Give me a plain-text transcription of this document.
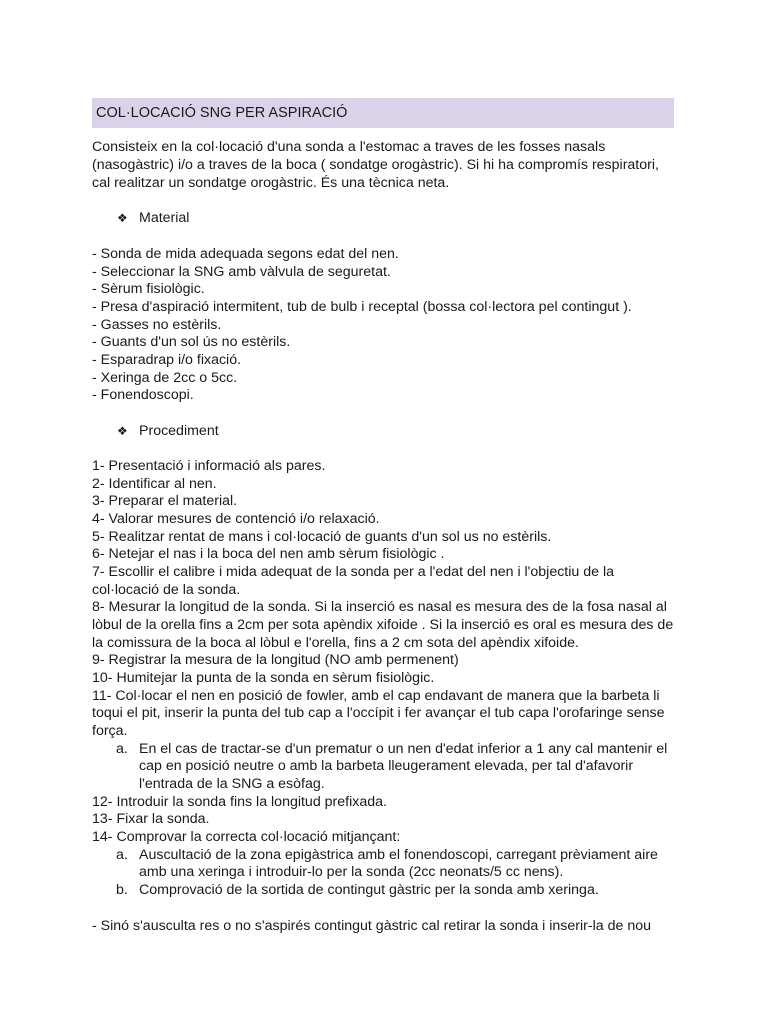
COL·LOCACIÓ SNG PER ASPIRACIÓ
Consisteix en la col·locació d'una sonda a l'estomac a traves de les fosses nasals
(nasogàstric) i/o a traves de la boca ( sondatge orogàstric). Si hi ha compromís respiratori,
cal realitzar un sondatge orogàstric. És una tècnica neta.
❖ Material
- Sonda de mida adequada segons edat del nen.
- Seleccionar la SNG amb vàlvula de seguretat.
- Sèrum fisiològic.
- Presa d'aspiració intermitent, tub de bulb i receptal (bossa col·lectora pel contingut ).
- Gasses no estèrils.
- Guants d'un sol ús no estèrils.
- Esparadrap i/o fixació.
- Xeringa de 2cc o 5cc.
- Fonendoscopi.
❖ Procediment
1- Presentació i informació als pares.
2- Identificar al nen.
3- Preparar el material.
4- Valorar mesures de contenció i/o relaxació.
5- Realitzar rentat de mans i col·locació de guants d'un sol us no estèrils.
6- Netejar el nas i la boca del nen amb sèrum fisiològic .
7- Escollir el calibre i mida adequat de la sonda per a l'edat del nen i l'objectiu de la
col·locació de la sonda.
8- Mesurar la longitud de la sonda. Si la inserció es nasal es mesura des de la fosa nasal al
lòbul de la orella fins a 2cm per sota apèndix xifoide . Si la inserció es oral es mesura des de
la comissura de la boca al lòbul e l'orella, fins a 2 cm sota del apèndix xifoide.
9- Registrar la mesura de la longitud (NO amb permenent)
10- Humitejar la punta de la sonda en sèrum fisiològic.
11- Col·locar el nen en posició de fowler, amb el cap endavant de manera que la barbeta li
toqui el pit, inserir la punta del tub cap a l'occípit i fer avançar el tub capa l'orofaringe sense
força.
a. En el cas de tractar-se d'un prematur o un nen d'edat inferior a 1 any cal mantenir el
cap en posició neutre o amb la barbeta lleugerament elevada, per tal d'afavorir
l'entrada de la SNG a esòfag.
12- Introduir la sonda fins la longitud prefixada.
13- Fixar la sonda.
14- Comprovar la correcta col·locació mitjançant:
a. Auscultació de la zona epigàstrica amb el fonendoscopi, carregant prèviament aire
amb una xeringa i introduir-lo per la sonda (2cc neonats/5 cc nens).
b. Comprovació de la sortida de contingut gàstric per la sonda amb xeringa.
- Sinó s'ausculta res o no s'aspirés contingut gàstric cal retirar la sonda i inserir-la de nou
